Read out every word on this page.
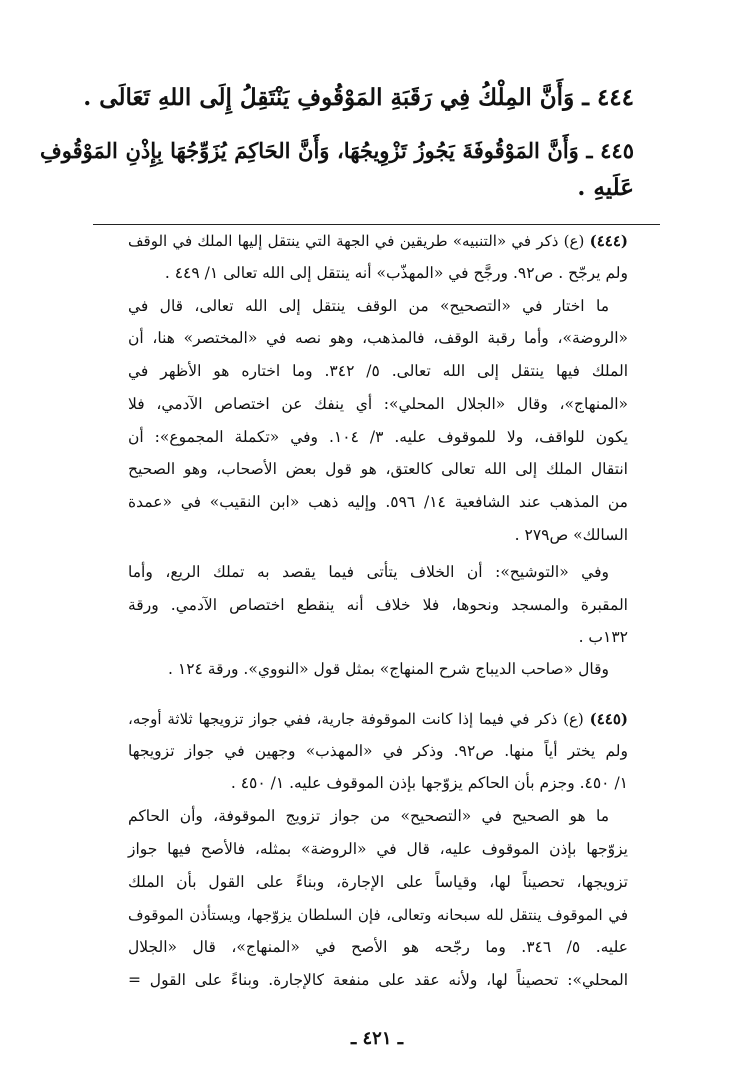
٤٤٤ ـ وَأَنَّ المِلْكُ فِي رَقَبَةِ المَوْقُوفِ يَنْتَقِلُ إِلَى اللهِ تَعَالَى .
٤٤٥ ـ وَأَنَّ المَوْقُوفَةَ يَجُوزُ تَزْوِيجُهَا، وَأَنَّ الحَاكِمَ يُزَوِّجُهَا بِإِذْنِ المَوْقُوفِ
عَلَيهِ .
(٤٤٤) (ع) ذكر في «التنبيه» طريقين في الجهة التي ينتقل إليها الملك في الوقف
ولم يرجّح . ص٩٢. ورجَّح في «المهذّب» أنه ينتقل إلى الله تعالى ١/ ٤٤٩ .
ما اختار في «التصحيح» من الوقف ينتقل إلى الله تعالى، قال في
«الروضة»، وأما رقبة الوقف، فالمذهب، وهو نصه في «المختصر» هنا، أن
الملك فيها ينتقل إلى الله تعالى. ٥/ ٣٤٢. وما اختاره هو الأظهر في
«المنهاج»، وقال «الجلال المحلي»: أي ينفك عن اختصاص الآدمي، فلا
يكون للواقف، ولا للموقوف عليه. ٣/ ١٠٤. وفي «تكملة المجموع»: أن
انتقال الملك إلى الله تعالى كالعتق، هو قول بعض الأصحاب، وهو الصحيح
من المذهب عند الشافعية ١٤/ ٥٩٦. وإليه ذهب «ابن النقيب» في «عمدة
السالك» ص٢٧٩ .
وفي «التوشيح»: أن الخلاف يتأتى فيما يقصد به تملك الريع، وأما
المقبرة والمسجد ونحوها، فلا خلاف أنه ينقطع اختصاص الآدمي. ورقة
١٣٢ب .
وقال «صاحب الديباج شرح المنهاج» بمثل قول «النووي». ورقة ١٢٤ .
(٤٤٥) (ع) ذكر في فيما إذا كانت الموقوفة جارية، ففي جواز تزويجها ثلاثة أوجه،
ولم يختر أياً منها. ص٩٢. وذكر في «المهذب» وجهين في جواز تزويجها
١/ ٤٥٠. وجزم بأن الحاكم يزوّجها بإذن الموقوف عليه. ١/ ٤٥٠ .
ما هو الصحيح في «التصحيح» من جواز تزويج الموقوفة، وأن الحاكم
يزوّجها بإذن الموقوف عليه، قال في «الروضة» بمثله، فالأصح فيها جواز
تزويجها، تحصيناً لها، وقياساً على الإجارة، وبناءً على القول بأن الملك
في الموقوف ينتقل لله سبحانه وتعالى، فإن السلطان يزوّجها، ويستأذن الموقوف
عليه. ٥/ ٣٤٦. وما رجّحه هو الأصح في «المنهاج»، قال «الجلال
المحلي»: تحصيناً لها، ولأنه عقد على منفعة كالإجارة. وبناءً على القول =
ـ ٤٢١ ـ
